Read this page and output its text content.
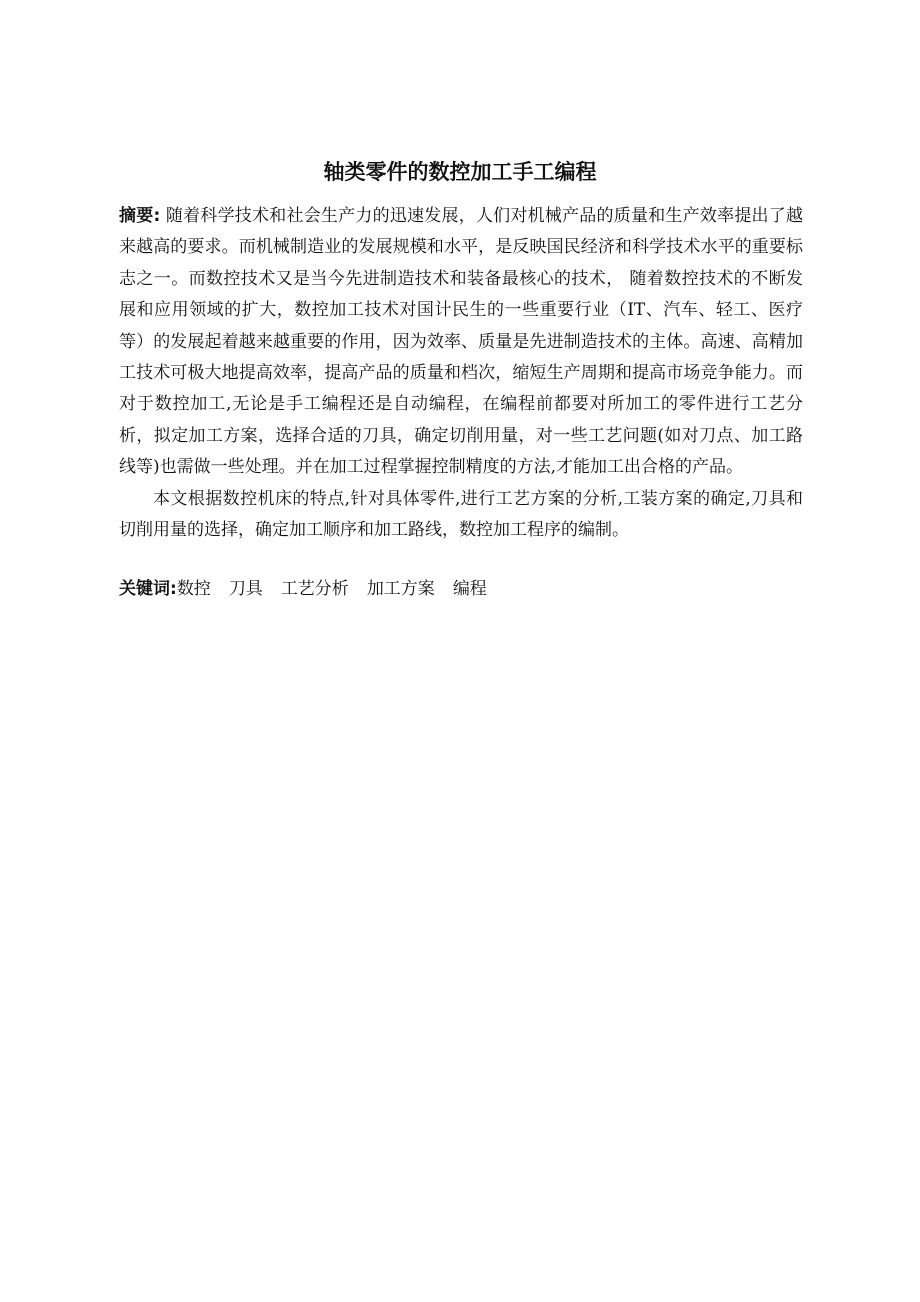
轴类零件的数控加工手工编程

摘要: 随着科学技术和社会生产力的迅速发展，人们对机械产品的质量和生产效率提出了越来越高的要求。而机械制造业的发展规模和水平，是反映国民经济和科学技术水平的重要标志之一。而数控技术又是当今先进制造技术和装备最核心的技术， 随着数控技术的不断发展和应用领域的扩大，数控加工技术对国计民生的一些重要行业（IT、汽车、轻工、医疗等）的发展起着越来越重要的作用，因为效率、质量是先进制造技术的主体。高速、高精加工技术可极大地提高效率，提高产品的质量和档次，缩短生产周期和提高市场竞争能力。而对于数控加工,无论是手工编程还是自动编程，在编程前都要对所加工的零件进行工艺分析，拟定加工方案，选择合适的刀具，确定切削用量，对一些工艺问题(如对刀点、加工路线等)也需做一些处理。并在加工过程掌握控制精度的方法,才能加工出合格的产品。

本文根据数控机床的特点,针对具体零件,进行工艺方案的分析,工装方案的确定,刀具和切削用量的选择，确定加工顺序和加工路线，数控加工程序的编制。

关键词:数控 刀具 工艺分析 加工方案 编程
